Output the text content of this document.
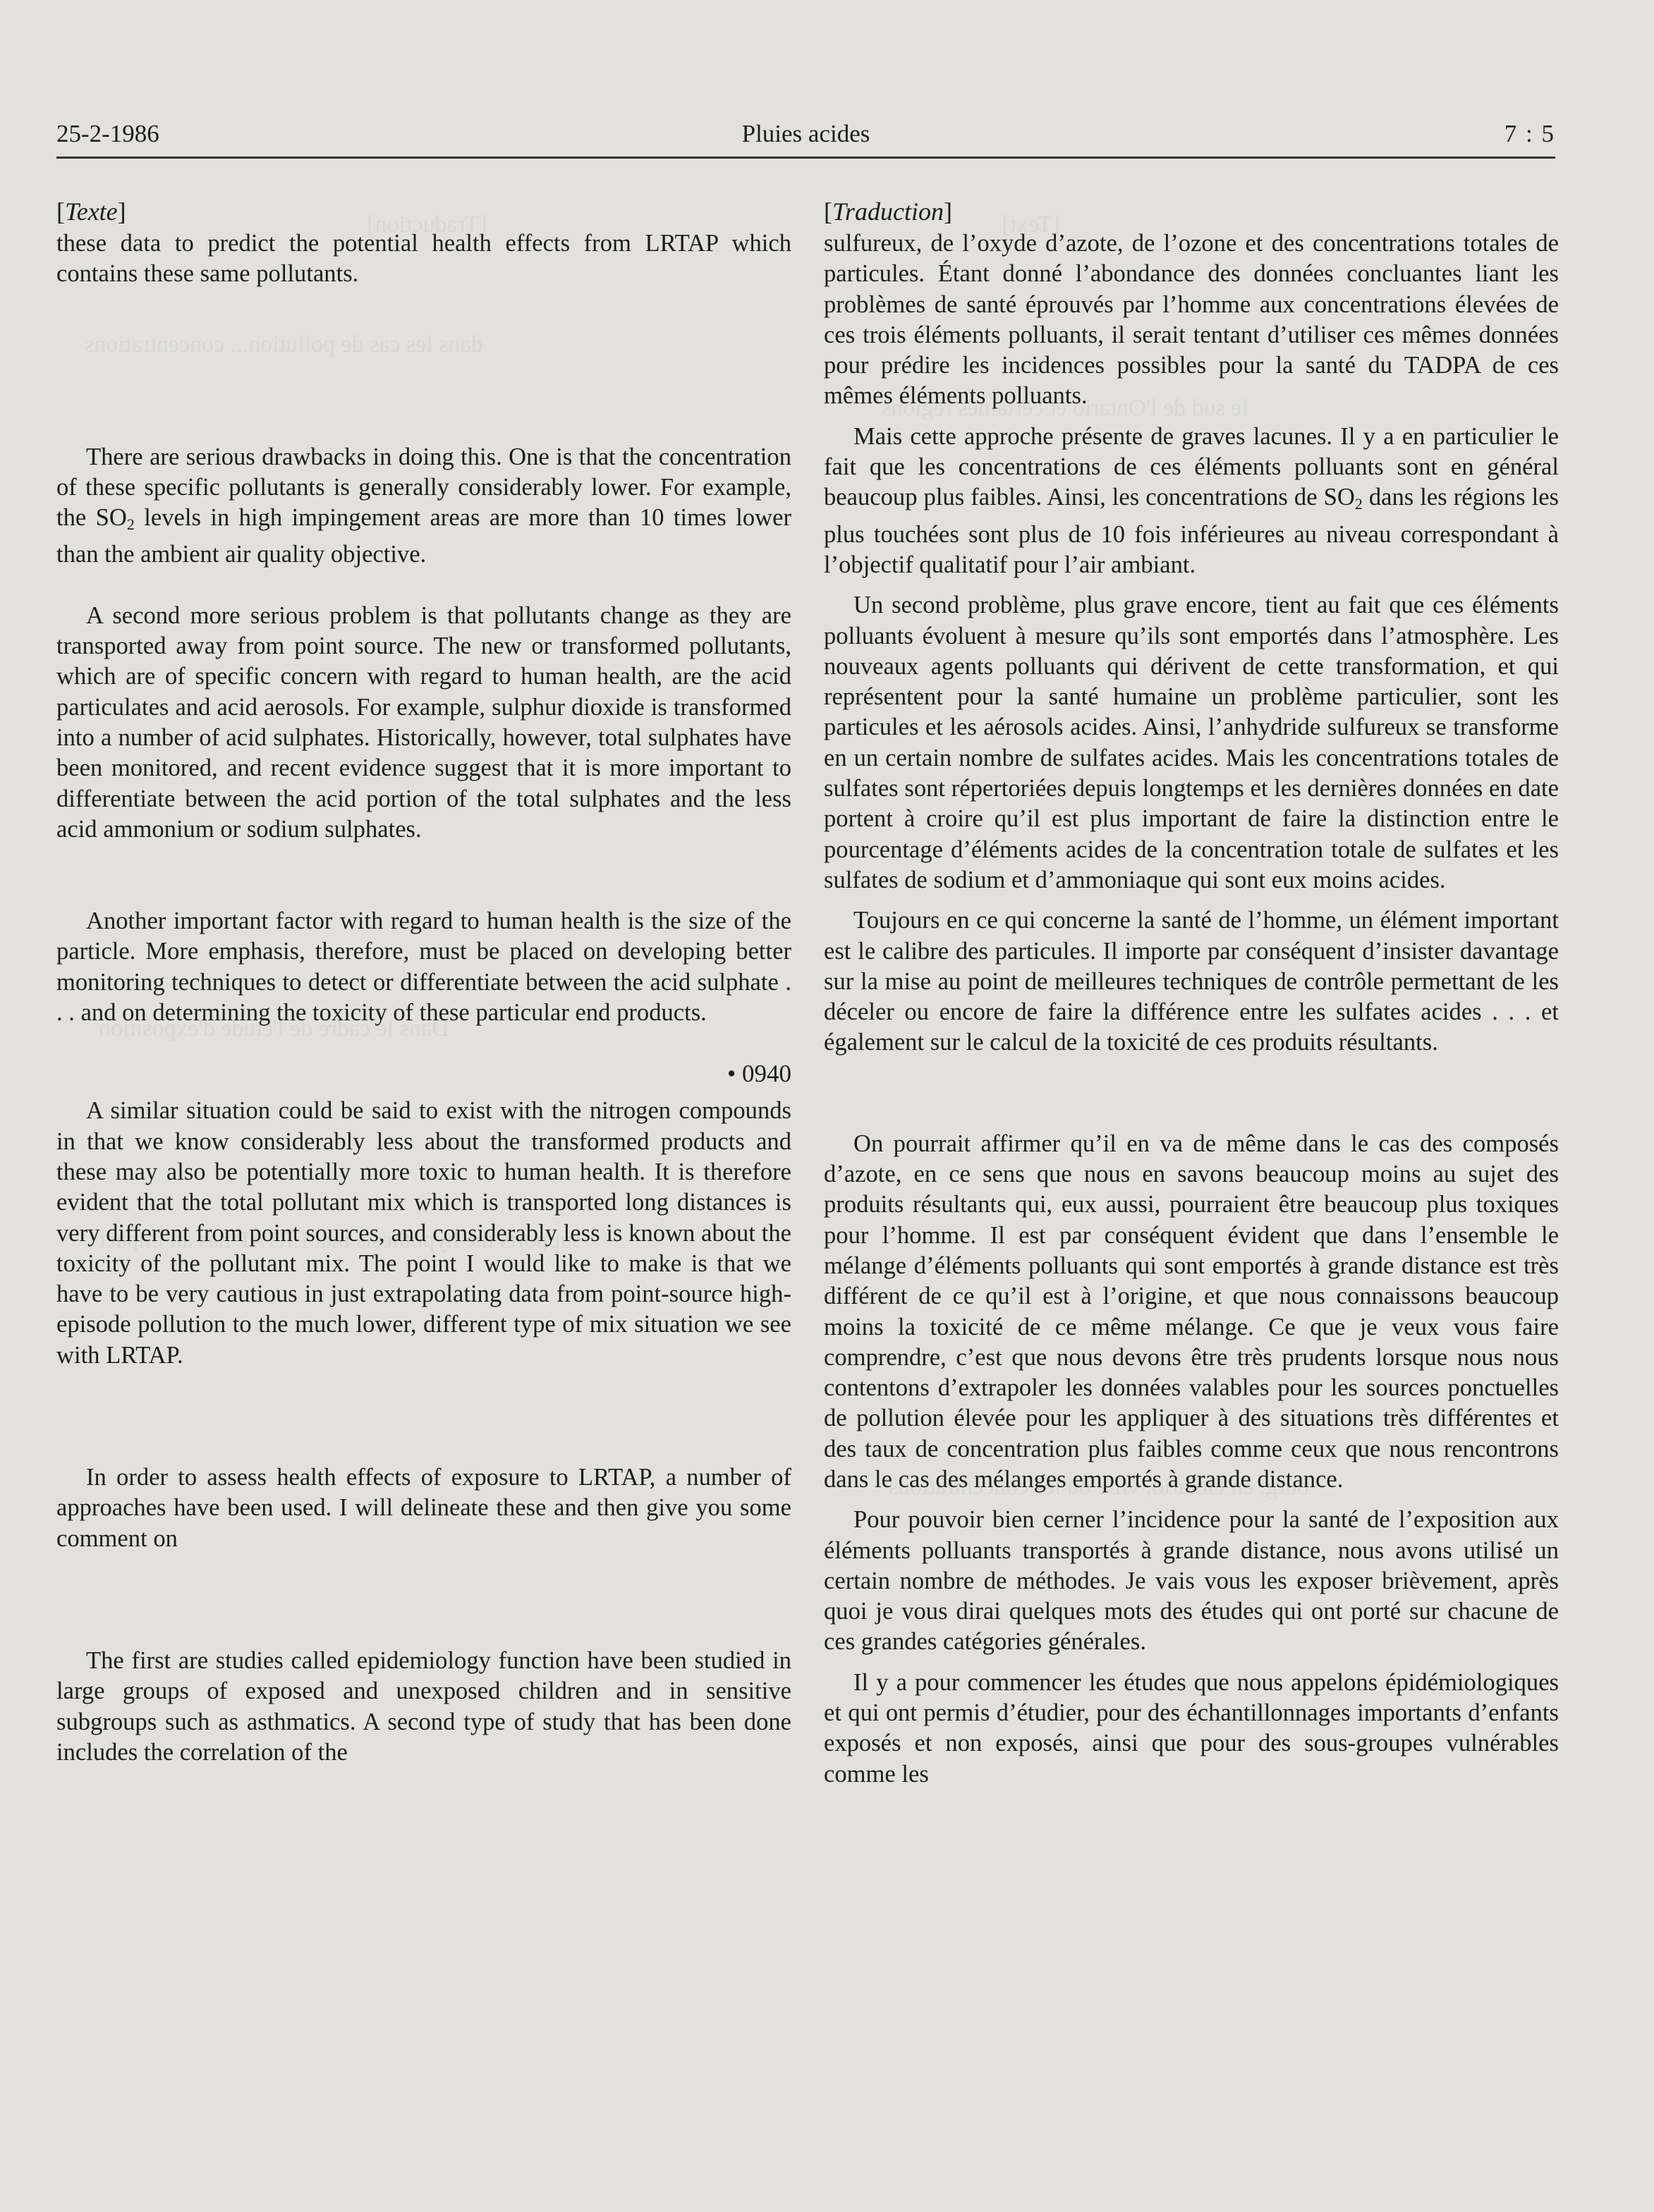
25-2-1986	Pluies acides	7 : 5
[Texte]

these data to predict the potential health effects from LRTAP which contains these same pollutants.

There are serious drawbacks in doing this. One is that the concentration of these specific pollutants is generally considerably lower. For example, the SO2 levels in high impingement areas are more than 10 times lower than the ambient air quality objective.

A second more serious problem is that pollutants change as they are transported away from point source. The new or transformed pollutants, which are of specific concern with regard to human health, are the acid particulates and acid aerosols. For example, sulphur dioxide is transformed into a number of acid sulphates. Historically, however, total sulphates have been monitored, and recent evidence suggest that it is more important to differentiate between the acid portion of the total sulphates and the less acid ammonium or sodium sulphates.

Another important factor with regard to human health is the size of the particle. More emphasis, therefore, must be placed on developing better monitoring techniques to detect or differentiate between the acid sulphate . . . and on determining the toxicity of these particular end products.

• 0940

A similar situation could be said to exist with the nitrogen compounds in that we know considerably less about the transformed products and these may also be potentially more toxic to human health. It is therefore evident that the total pollutant mix which is transported long distances is very different from point sources, and considerably less is known about the toxicity of the pollutant mix. The point I would like to make is that we have to be very cautious in just extrapolating data from point-source high-episode pollution to the much lower, different type of mix situation we see with LRTAP.

In order to assess health effects of exposure to LRTAP, a number of approaches have been used. I will delineate these and then give you some comment on

The first are studies called epidemiology function have been studied in large groups of exposed and unexposed children and in sensitive subgroups such as asthmatics. A second type of study that has been done includes the correlation of the

[Traduction]

sulfureux, de l’oxyde d’azote, de l’ozone et des concentrations totales de particules. Étant donné l’abondance des données concluantes liant les problèmes de santé éprouvés par l’homme aux concentrations élevées de ces trois éléments polluants, il serait tentant d’utiliser ces mêmes données pour prédire les incidences possibles pour la santé du TADPA de ces mêmes éléments polluants.

Mais cette approche présente de graves lacunes. Il y a en particulier le fait que les concentrations de ces éléments polluants sont en général beaucoup plus faibles. Ainsi, les concentrations de SO2 dans les régions les plus touchées sont plus de 10 fois inférieures au niveau correspondant à l’objectif qualitatif pour l’air ambiant.

Un second problème, plus grave encore, tient au fait que ces éléments polluants évoluent à mesure qu’ils sont emportés dans l’atmosphère. Les nouveaux agents polluants qui dérivent de cette transformation, et qui représentent pour la santé humaine un problème particulier, sont les particules et les aérosols acides. Ainsi, l’anhydride sulfureux se transforme en un certain nombre de sulfates acides. Mais les concentrations totales de sulfates sont répertoriées depuis longtemps et les dernières données en date portent à croire qu’il est plus important de faire la distinction entre le pourcentage d’éléments acides de la concentration totale de sulfates et les sulfates de sodium et d’ammoniaque qui sont eux moins acides.

Toujours en ce qui concerne la santé de l’homme, un élément important est le calibre des particules. Il importe par conséquent d’insister davantage sur la mise au point de meilleures techniques de contrôle permettant de les déceler ou encore de faire la différence entre les sulfates acides . . . et également sur le calcul de la toxicité de ces produits résultants.

On pourrait affirmer qu’il en va de même dans le cas des composés d’azote, en ce sens que nous en savons beaucoup moins au sujet des produits résultants qui, eux aussi, pourraient être beaucoup plus toxiques pour l’homme. Il est par conséquent évident que dans l’ensemble le mélange d’éléments polluants qui sont emportés à grande distance est très différent de ce qu’il est à l’origine, et que nous connaissons beaucoup moins la toxicité de ce même mélange. Ce que je veux vous faire comprendre, c’est que nous devons être très prudents lorsque nous nous contentons d’extrapoler les données valables pour les sources ponctuelles de pollution élevée pour les appliquer à des situations très différentes et des taux de concentration plus faibles comme ceux que nous rencontrons dans le cas des mélanges emportés à grande distance.

Pour pouvoir bien cerner l’incidence pour la santé de l’exposition aux éléments polluants transportés à grande distance, nous avons utilisé un certain nombre de méthodes. Je vais vous les exposer brièvement, après quoi je vous dirai quelques mots des études qui ont porté sur chacune de ces grandes catégories générales.

Il y a pour commencer les études que nous appelons épidémiologiques et qui ont permis d’étudier, pour des échantillonnages importants d’enfants exposés et non exposés, ainsi que pour des sous-groupes vulnérables comme les
